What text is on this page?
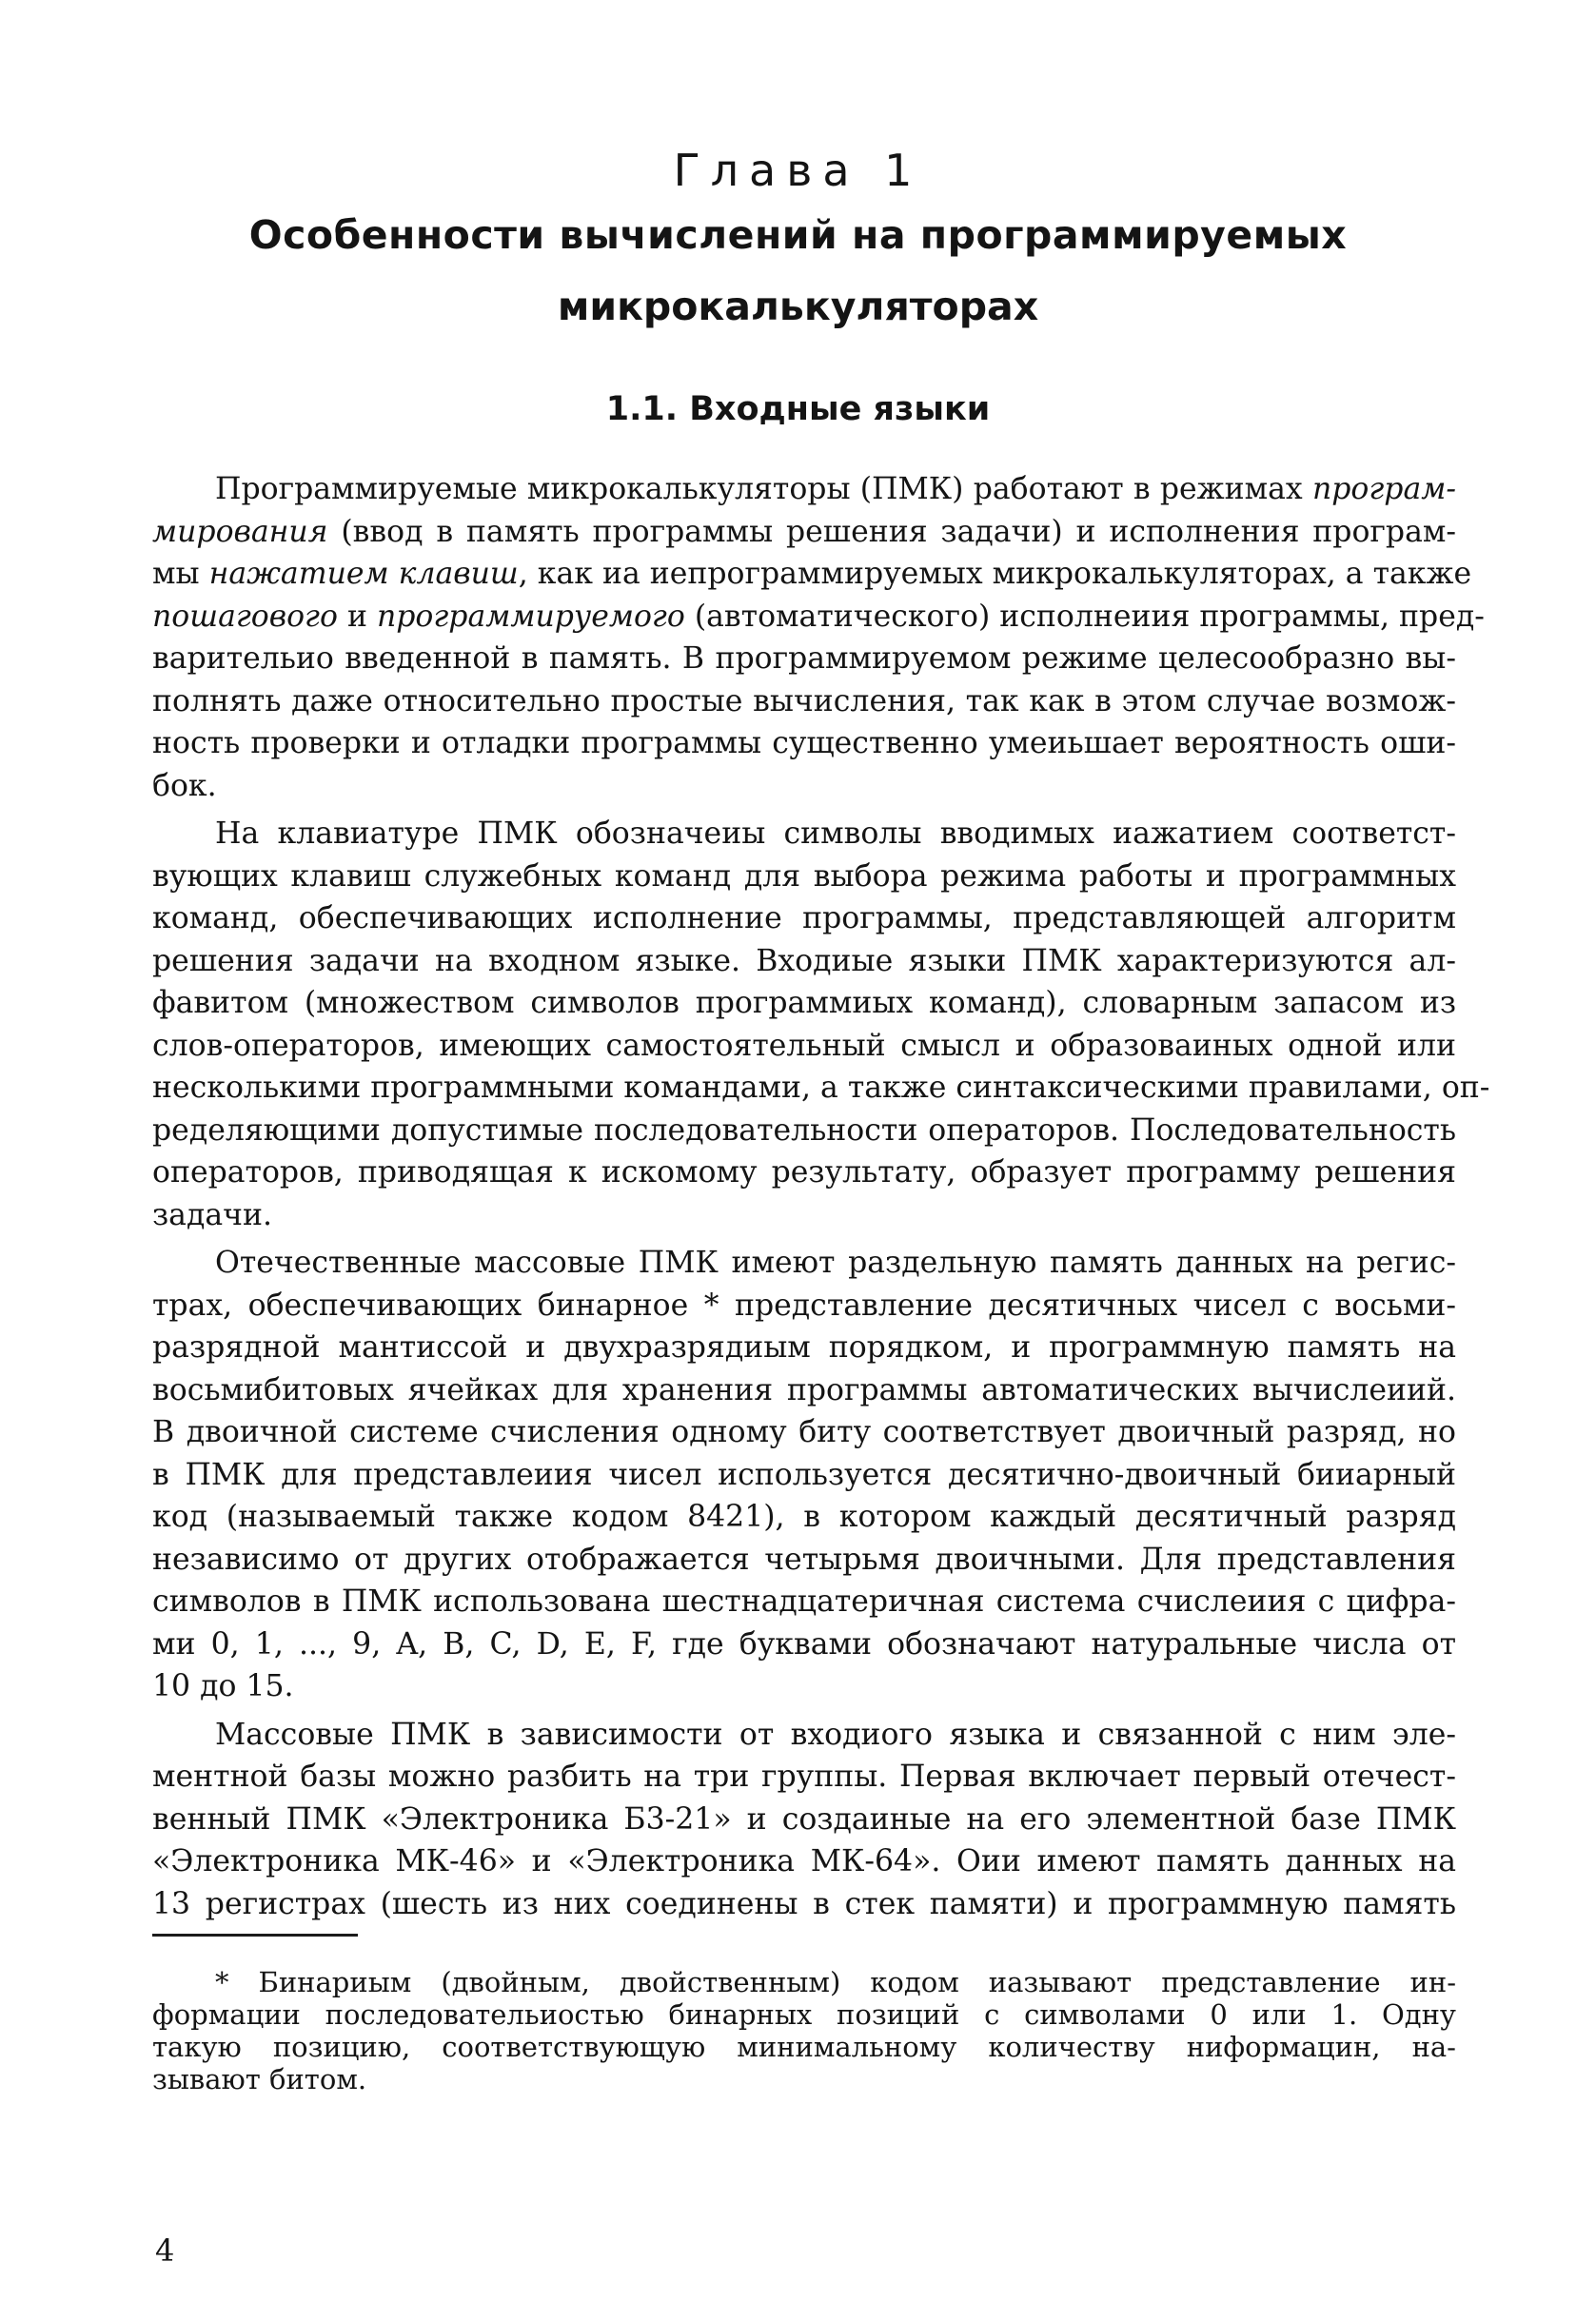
Глава 1
Особенности вычислений на программируемых
микрокалькуляторах
1.1. Входные языки
Программируемые микрокалькуляторы (ПМК) работают в режимах програм-
мирования (ввод в память программы решения задачи) и исполнения програм-
мы нажатием клавиш, как иа иепрограммируемых микрокалькуляторах, а также
пошагового и программируемого (автоматического) исполнеиия программы, пред-
варительио введенной в память. В программируемом режиме целесообразно вы-
полнять даже относительно простые вычисления, так как в этом случае возмож-
ность проверки и отладки программы существенно умеиьшает вероятность оши-
бок.
На клавиатуре ПМК обозначеиы символы вводимых иажатием соответст-
вующих клавиш служебных команд для выбора режима работы и программных
команд, обеспечивающих исполнение программы, представляющей алгоритм
решения задачи на входном языке. Входиые языки ПМК характеризуются ал-
фавитом (множеством символов программиых команд), словарным запасом из
слов-операторов, имеющих самостоятельный смысл и образоваиных одной или
несколькими программными командами, а также синтаксическими правилами, оп-
ределяющими допустимые последовательности операторов. Последовательность
операторов, приводящая к искомому результату, образует программу решения
задачи.
Отечественные массовые ПМК имеют раздельную память данных на регис-
трах, обеспечивающих бинарное * представление десятичных чисел с восьми-
разрядной мантиссой и двухразрядиым порядком, и программную память на
восьмибитовых ячейках для хранения программы автоматических вычислеиий.
В двоичной системе счисления одному биту соответствует двоичный разряд, но
в ПМК для представлеиия чисел используется десятично-двоичный бииарный
код (называемый также кодом 8421), в котором каждый десятичный разряд
независимо от других отображается четырьмя двоичными. Для представления
символов в ПМК использована шестнадцатеричная система счислеиия с цифра-
ми 0, 1, ..., 9, A, B, C, D, E, F, где буквами обозначают натуральные числа от
10 до 15.
Массовые ПМК в зависимости от входиого языка и связанной с ним эле-
ментной базы можно разбить на три группы. Первая включает первый отечест-
венный ПМК «Электроника Б3-21» и создаиные на его элементной базе ПМК
«Электроника МК-46» и «Электроника МК-64». Оии имеют память данных на
13 регистрах (шесть из них соединены в стек памяти) и программную память
* Бинариым (двойным, двойственным) кодом иазывают представление ин-
формации последовательиостью бинарных позиций с символами 0 или 1. Одну
такую позицию, соответствующую минимальному количеству ниформацин, на-
зывают битом.
4
